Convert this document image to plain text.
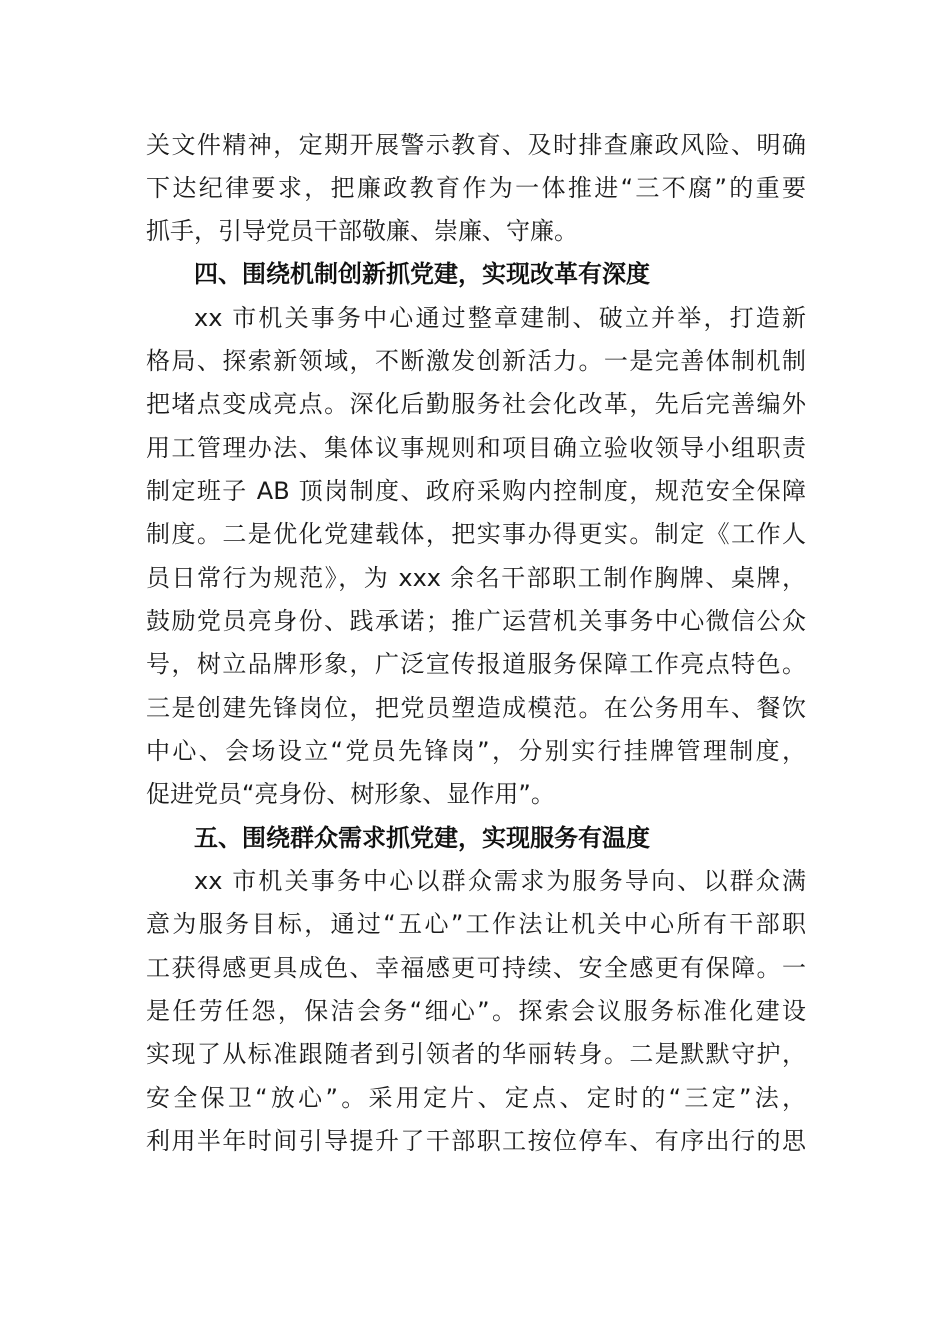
关文件精神，定期开展警示教育、及时排查廉政风险、明确
下达纪律要求，把廉政教育作为一体推进“三不腐”的重要
抓手，引导党员干部敬廉、崇廉、守廉。
四、围绕机制创新抓党建，实现改革有深度
xx 市机关事务中心通过整章建制、破立并举，打造新
格局、探索新领域，不断激发创新活力。一是完善体制机制
把堵点变成亮点。深化后勤服务社会化改革，先后完善编外
用工管理办法、集体议事规则和项目确立验收领导小组职责
制定班子 AB 顶岗制度、政府采购内控制度，规范安全保障
制度。二是优化党建载体，把实事办得更实。制定《工作人
员日常行为规范》，为 xxx 余名干部职工制作胸牌、桌牌，
鼓励党员亮身份、践承诺；推广运营机关事务中心微信公众
号，树立品牌形象，广泛宣传报道服务保障工作亮点特色。
三是创建先锋岗位，把党员塑造成模范。在公务用车、餐饮
中心、会场设立“党员先锋岗”，分别实行挂牌管理制度，
促进党员“亮身份、树形象、显作用”。
五、围绕群众需求抓党建，实现服务有温度
xx 市机关事务中心以群众需求为服务导向、以群众满
意为服务目标，通过“五心”工作法让机关中心所有干部职
工获得感更具成色、幸福感更可持续、安全感更有保障。一
是任劳任怨，保洁会务“细心”。探索会议服务标准化建设
实现了从标准跟随者到引领者的华丽转身。二是默默守护，
安全保卫“放心”。采用定片、定点、定时的“三定”法，
利用半年时间引导提升了干部职工按位停车、有序出行的思
